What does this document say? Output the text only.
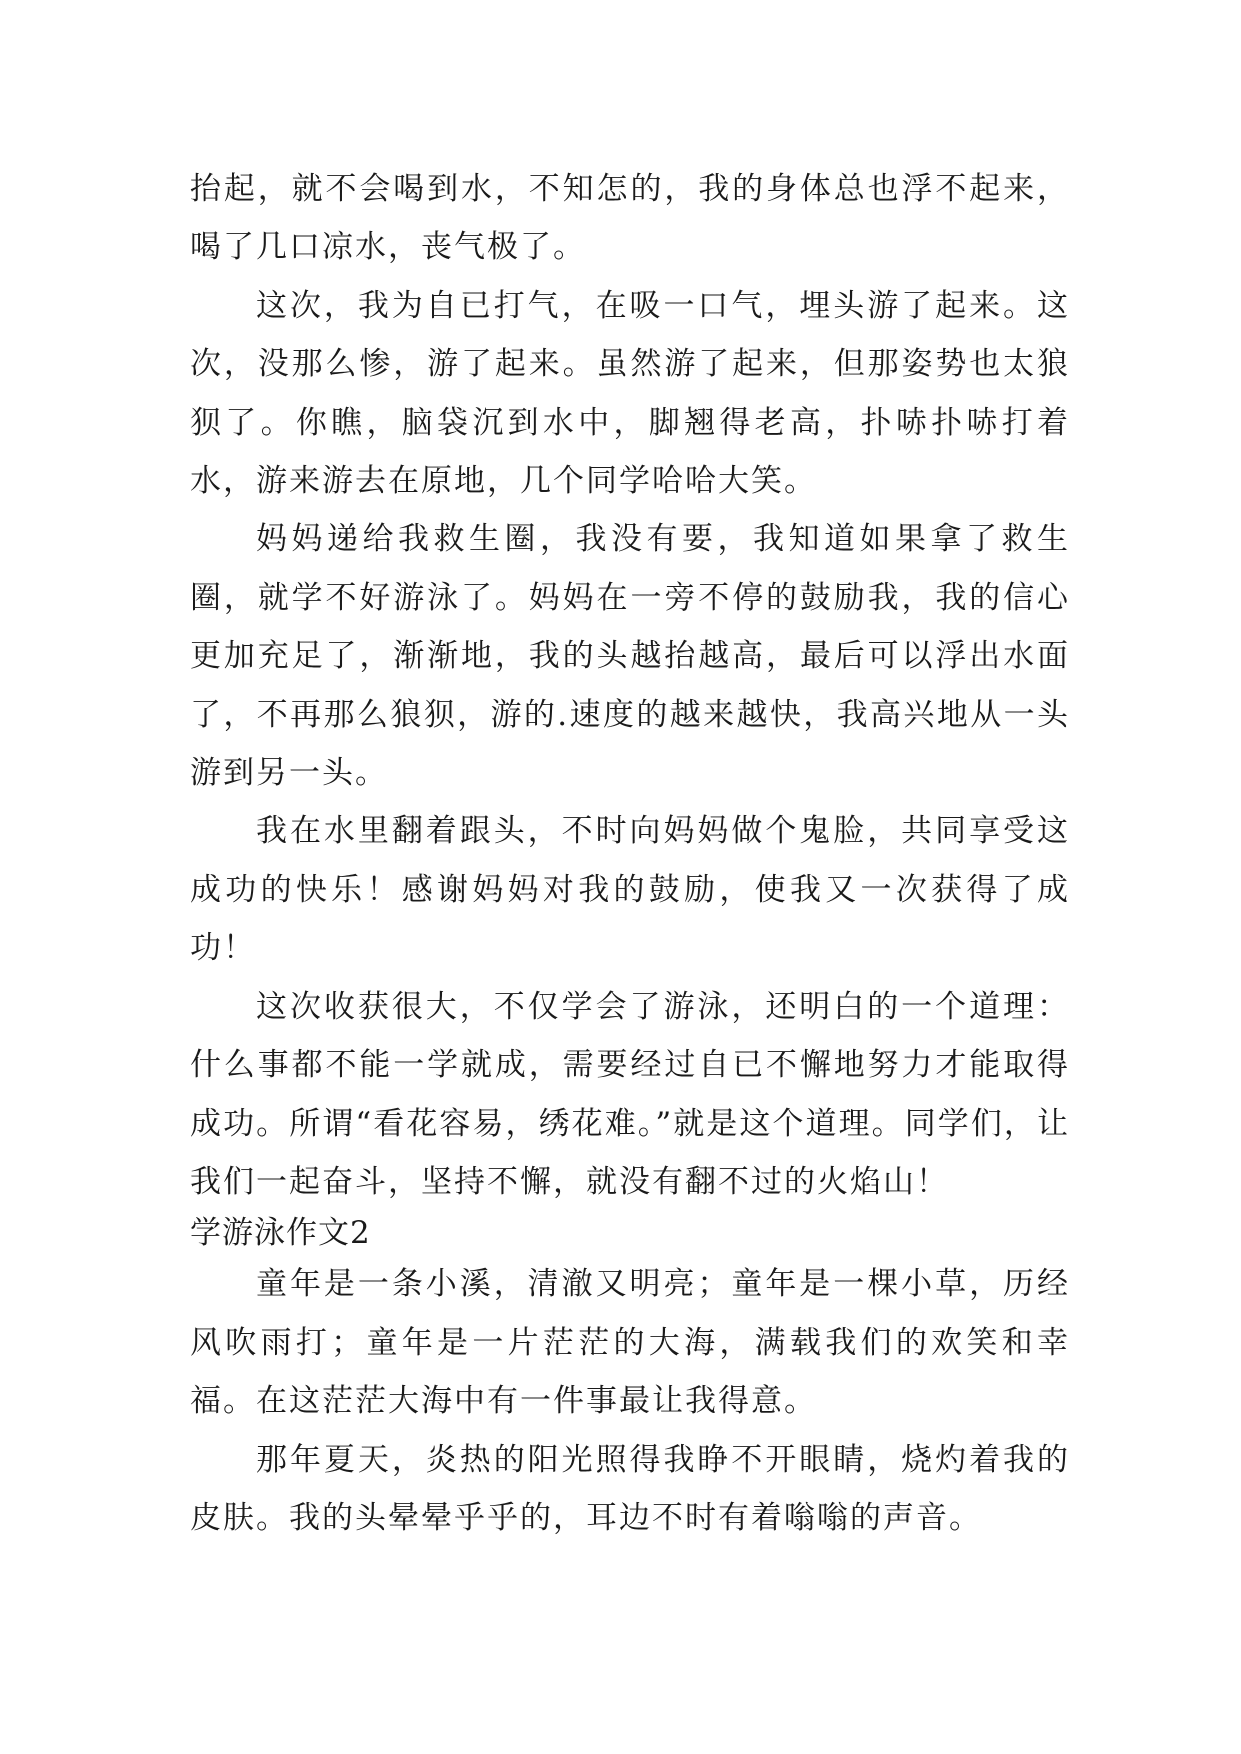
抬起，就不会喝到水，不知怎的，我的身体总也浮不起来，喝了几口凉水，丧气极了。

这次，我为自已打气，在吸一口气，埋头游了起来。这次，没那么惨，游了起来。虽然游了起来，但那姿势也太狼狈了。你瞧，脑袋沉到水中，脚翘得老高，扑哧扑哧打着水，游来游去在原地，几个同学哈哈大笑。

妈妈递给我救生圈，我没有要，我知道如果拿了救生圈，就学不好游泳了。妈妈在一旁不停的鼓励我，我的信心更加充足了，渐渐地，我的头越抬越高，最后可以浮出水面了，不再那么狼狈，游的.速度的越来越快，我高兴地从一头游到另一头。

我在水里翻着跟头，不时向妈妈做个鬼脸，共同享受这成功的快乐！感谢妈妈对我的鼓励，使我又一次获得了成功！

这次收获很大，不仅学会了游泳，还明白的一个道理：什么事都不能一学就成，需要经过自已不懈地努力才能取得成功。所谓“看花容易，绣花难。”就是这个道理。同学们，让我们一起奋斗，坚持不懈，就没有翻不过的火焰山！

学游泳作文2

童年是一条小溪，清澈又明亮；童年是一棵小草，历经风吹雨打；童年是一片茫茫的大海，满载我们的欢笑和幸福。在这茫茫大海中有一件事最让我得意。

那年夏天，炎热的阳光照得我睁不开眼睛，烧灼着我的皮肤。我的头晕晕乎乎的，耳边不时有着嗡嗡的声音。
